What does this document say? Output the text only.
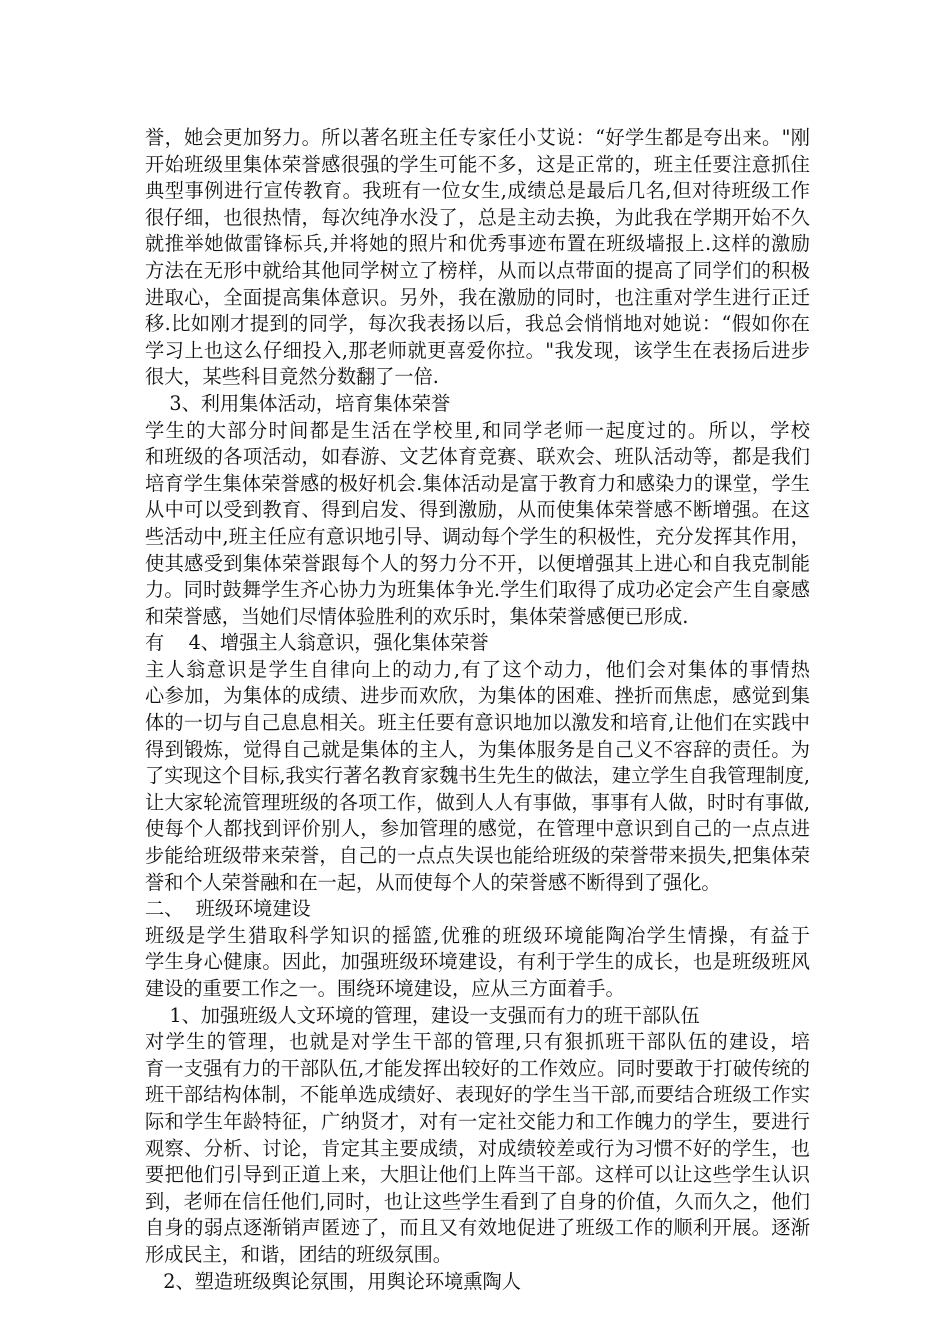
誉，她会更加努力。所以著名班主任专家任小艾说：“好学生都是夸出来。"刚
开始班级里集体荣誉感很强的学生可能不多，这是正常的，班主任要注意抓住
典型事例进行宣传教育。我班有一位女生,成绩总是最后几名,但对待班级工作
很仔细，也很热情，每次纯净水没了，总是主动去换，为此我在学期开始不久
就推举她做雷锋标兵,并将她的照片和优秀事迹布置在班级墙报上.这样的激励
方法在无形中就给其他同学树立了榜样，从而以点带面的提高了同学们的积极
进取心，全面提高集体意识。另外，我在激励的同时，也注重对学生进行正迁
移.比如刚才提到的同学，每次我表扬以后，我总会悄悄地对她说：“假如你在
学习上也这么仔细投入,那老师就更喜爱你拉。"我发现，该学生在表扬后进步
很大，某些科目竟然分数翻了一倍.
3、利用集体活动，培育集体荣誉
学生的大部分时间都是生活在学校里,和同学老师一起度过的。所以，学校
和班级的各项活动，如春游、文艺体育竞赛、联欢会、班队活动等，都是我们
培育学生集体荣誉感的极好机会.集体活动是富于教育力和感染力的课堂，学生
从中可以受到教育、得到启发、得到激励，从而使集体荣誉感不断增强。在这
些活动中,班主任应有意识地引导、调动每个学生的积极性，充分发挥其作用，
使其感受到集体荣誉跟每个人的努力分不开，以便增强其上进心和自我克制能
力。同时鼓舞学生齐心协力为班集体争光.学生们取得了成功必定会产生自豪感
和荣誉感，当她们尽情体验胜利的欢乐时，集体荣誉感便已形成.
有    4、增强主人翁意识，强化集体荣誉
主人翁意识是学生自律向上的动力,有了这个动力，他们会对集体的事情热
心参加，为集体的成绩、进步而欢欣，为集体的困难、挫折而焦虑，感觉到集
体的一切与自己息息相关。班主任要有意识地加以激发和培育,让他们在实践中
得到锻炼，觉得自己就是集体的主人，为集体服务是自己义不容辞的责任。为
了实现这个目标,我实行著名教育家魏书生先生的做法，建立学生自我管理制度,
让大家轮流管理班级的各项工作，做到人人有事做，事事有人做，时时有事做,
使每个人都找到评价别人，参加管理的感觉，在管理中意识到自己的一点点进
步能给班级带来荣誉，自己的一点点失误也能给班级的荣誉带来损失,把集体荣
誉和个人荣誉融和在一起，从而使每个人的荣誉感不断得到了强化。
二、  班级环境建设
班级是学生猎取科学知识的摇篮,优雅的班级环境能陶冶学生情操，有益于
学生身心健康。因此，加强班级环境建设，有利于学生的成长，也是班级班风
建设的重要工作之一。围绕环境建设，应从三方面着手。
1、加强班级人文环境的管理，建设一支强而有力的班干部队伍
对学生的管理，也就是对学生干部的管理,只有狠抓班干部队伍的建设，培
育一支强有力的干部队伍,才能发挥出较好的工作效应。同时要敢于打破传统的
班干部结构体制，不能单选成绩好、表现好的学生当干部,而要结合班级工作实
际和学生年龄特征，广纳贤才，对有一定社交能力和工作魄力的学生，要进行
观察、分析、讨论，肯定其主要成绩，对成绩较差或行为习惯不好的学生，也
要把他们引导到正道上来，大胆让他们上阵当干部。这样可以让这些学生认识
到，老师在信任他们,同时，也让这些学生看到了自身的价值，久而久之，他们
自身的弱点逐渐销声匿迹了，而且又有效地促进了班级工作的顺利开展。逐渐
形成民主，和谐，团结的班级氛围。
2、塑造班级舆论氛围，用舆论环境熏陶人
